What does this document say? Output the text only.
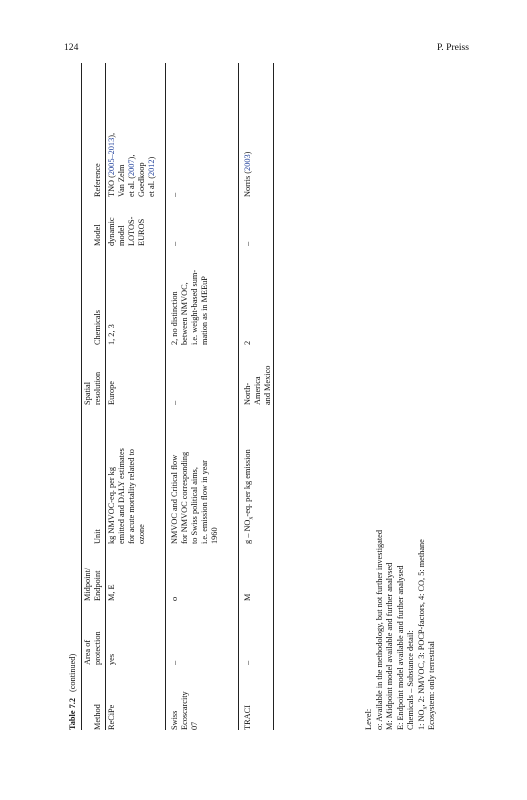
124	P. Preiss
Table 7.2(continued)
Method
Area of
protection
Midpoint/
Endpoint
Unit
Spatial
resolution
Chemicals
Model
Reference
ReCiPe
yes
M, E
kg NMVOC-eq. per kg
emitted and DALY estimates
for acute mortality related to
ozone
Europe
1, 2, 3
dynamic
model
LOTOS-
EUROS
TNO (2005–2013),
Van Zelm
et al. (2007),
Goedkoop
et al. (2012)
Swiss
Ecoscarcity
07
–
o
NMVOC and Critical flow
for NMVOC corresponding
to Swiss political aims,
i.e. emission flow in year
1960
–
2, no distinction
between NMVOC,
i.e. weight-based sum-
mation as in MEEuP
–
–
TRACI
–
M
g – $NO_x-eq$. per kg emission
North-
America
and Mexico
2
–
Norris (2003)
Level: o: Available in the methodology, but not further investigated M: Midpoint model available and further analysed E: Endpoint model available and further analysed Chemicals – Substance detail: 1: $NO_x$, 2: NMVOC, 3: POCP-factors, 4: CO, 5: methane Ecosystem: only terrestrial
